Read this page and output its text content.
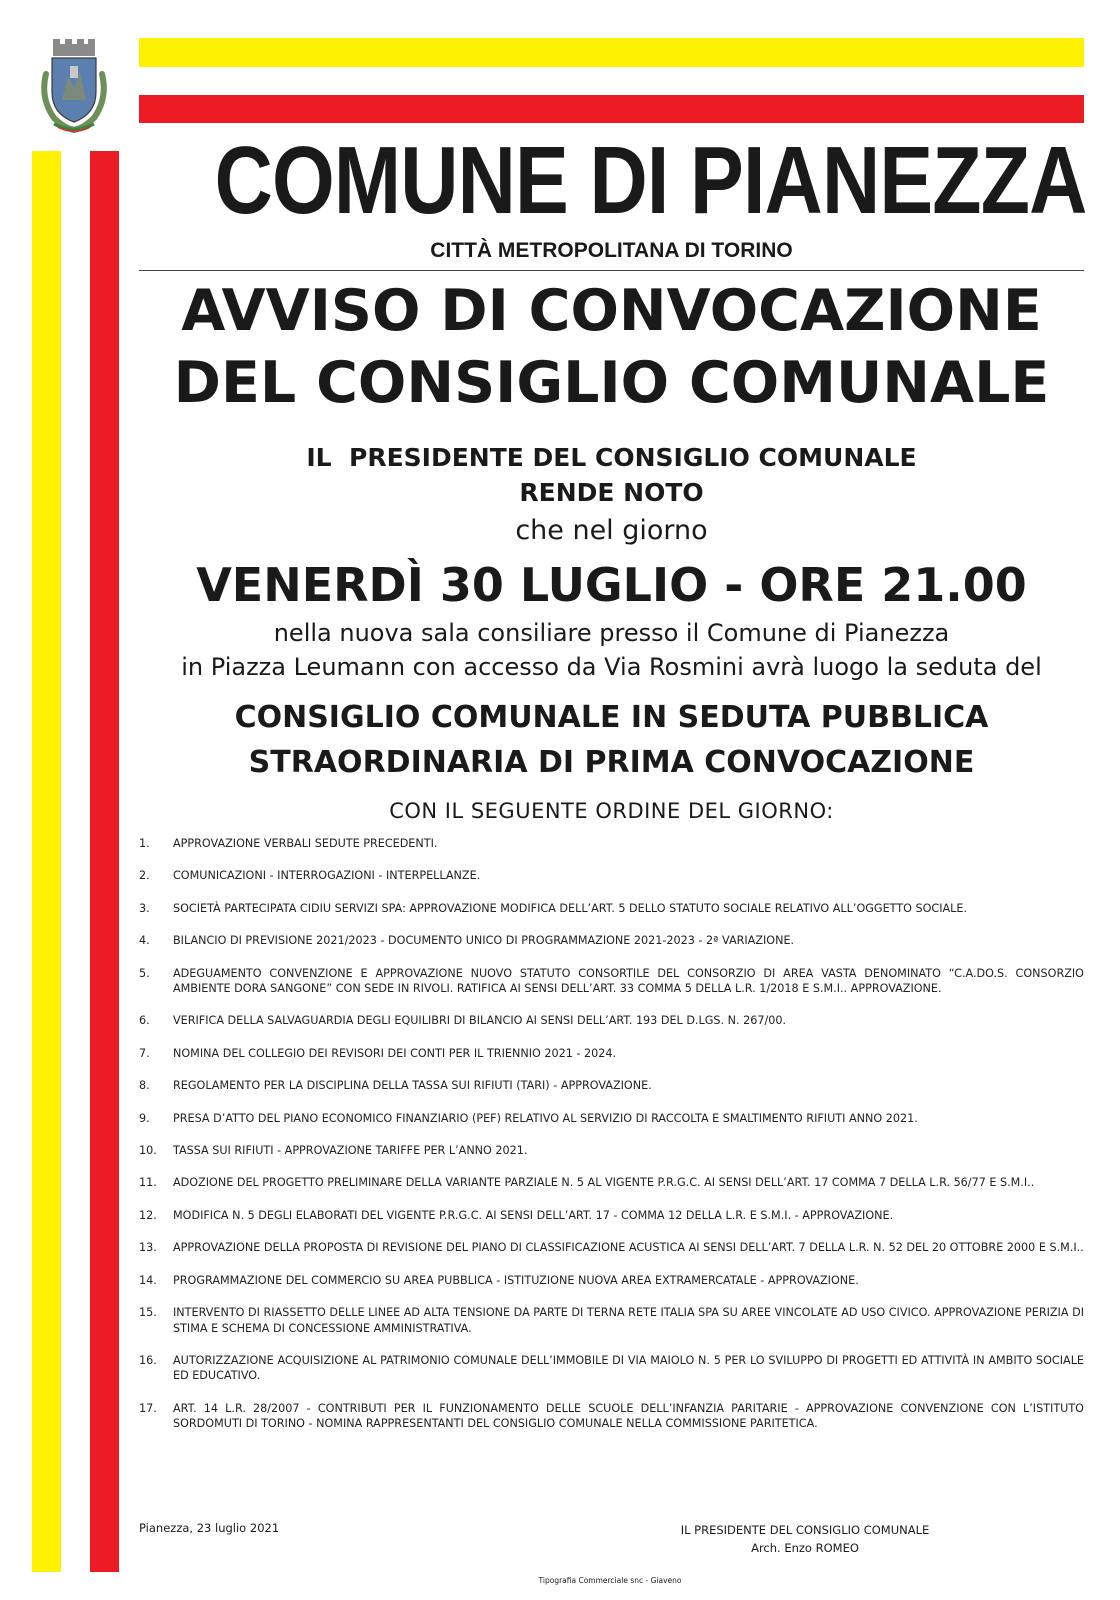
COMUNE DI PIANEZZA
CITTÀ METROPOLITANA DI TORINO
AVVISO DI CONVOCAZIONE
DEL CONSIGLIO COMUNALE
IL  PRESIDENTE DEL CONSIGLIO COMUNALE
RENDE NOTO
che nel giorno
VENERDÌ 30 LUGLIO - ORE 21.00
nella nuova sala consiliare presso il Comune di Pianezza
in Piazza Leumann con accesso da Via Rosmini avrà luogo la seduta del
CONSIGLIO COMUNALE IN SEDUTA PUBBLICA
STRAORDINARIA DI PRIMA CONVOCAZIONE
CON IL SEGUENTE ORDINE DEL GIORNO:
1.	APPROVAZIONE VERBALI SEDUTE PRECEDENTI.
2.	COMUNICAZIONI - INTERROGAZIONI - INTERPELLANZE.
3.	SOCIETÀ PARTECIPATA CIDIU SERVIZI SPA: APPROVAZIONE MODIFICA DELL’ART. 5 DELLO STATUTO SOCIALE RELATIVO ALL’OGGETTO SOCIALE.
4.	BILANCIO DI PREVISIONE 2021/2023 - DOCUMENTO UNICO DI PROGRAMMAZIONE 2021-2023 - 2ª VARIAZIONE.
5.	ADEGUAMENTO CONVENZIONE E APPROVAZIONE NUOVO STATUTO CONSORTILE DEL CONSORZIO DI AREA VASTA DENOMINATO “C.A.DO.S. CONSORZIO AMBIENTE DORA SANGONE” CON SEDE IN RIVOLI. RATIFICA AI SENSI DELL’ART. 33 COMMA 5 DELLA L.R. 1/2018 E S.M.I.. APPROVAZIONE.
6.	VERIFICA DELLA SALVAGUARDIA DEGLI EQUILIBRI DI BILANCIO AI SENSI DELL’ART. 193 DEL D.LGS. N. 267/00.
7.	NOMINA DEL COLLEGIO DEI REVISORI DEI CONTI PER IL TRIENNIO 2021 - 2024.
8.	REGOLAMENTO PER LA DISCIPLINA DELLA TASSA SUI RIFIUTI (TARI) - APPROVAZIONE.
9.	PRESA D’ATTO DEL PIANO ECONOMICO FINANZIARIO (PEF) RELATIVO AL SERVIZIO DI RACCOLTA E SMALTIMENTO RIFIUTI ANNO 2021.
10.	TASSA SUI RIFIUTI - APPROVAZIONE TARIFFE PER L’ANNO 2021.
11.	ADOZIONE DEL PROGETTO PRELIMINARE DELLA VARIANTE PARZIALE N. 5 AL VIGENTE P.R.G.C. AI SENSI DELL’ART. 17 COMMA 7 DELLA L.R. 56/77 E S.M.I..
12.	MODIFICA N. 5 DEGLI ELABORATI DEL VIGENTE P.R.G.C. AI SENSI DELL’ART. 17 - COMMA 12 DELLA L.R. E S.M.I. - APPROVAZIONE.
13.	APPROVAZIONE DELLA PROPOSTA DI REVISIONE DEL PIANO DI CLASSIFICAZIONE ACUSTICA AI SENSI DELL’ART. 7 DELLA L.R. N. 52 DEL 20 OTTOBRE 2000 E S.M.I..
14.	PROGRAMMAZIONE DEL COMMERCIO SU AREA PUBBLICA - ISTITUZIONE NUOVA AREA EXTRAMERCATALE - APPROVAZIONE.
15.	INTERVENTO DI RIASSETTO DELLE LINEE AD ALTA TENSIONE DA PARTE DI TERNA RETE ITALIA SPA SU AREE VINCOLATE AD USO CIVICO. APPROVAZIONE PERIZIA DI STIMA E SCHEMA DI CONCESSIONE AMMINISTRATIVA.
16.	AUTORIZZAZIONE ACQUISIZIONE AL PATRIMONIO COMUNALE DELL’IMMOBILE DI VIA MAIOLO N. 5 PER LO SVILUPPO DI PROGETTI ED ATTIVITÀ IN AMBITO SOCIALE ED EDUCATIVO.
17.	ART. 14 L.R. 28/2007 - CONTRIBUTI PER IL FUNZIONAMENTO DELLE SCUOLE DELL’INFANZIA PARITARIE - APPROVAZIONE CONVENZIONE CON L’ISTITUTO SORDOMUTI DI TORINO - NOMINA RAPPRESENTANTI DEL CONSIGLIO COMUNALE NELLA COMMISSIONE PARITETICA.
Pianezza, 23 luglio 2021	IL PRESIDENTE DEL CONSIGLIO COMUNALE
Arch. Enzo ROMEO
Tipografia Commerciale snc - Giaveno
